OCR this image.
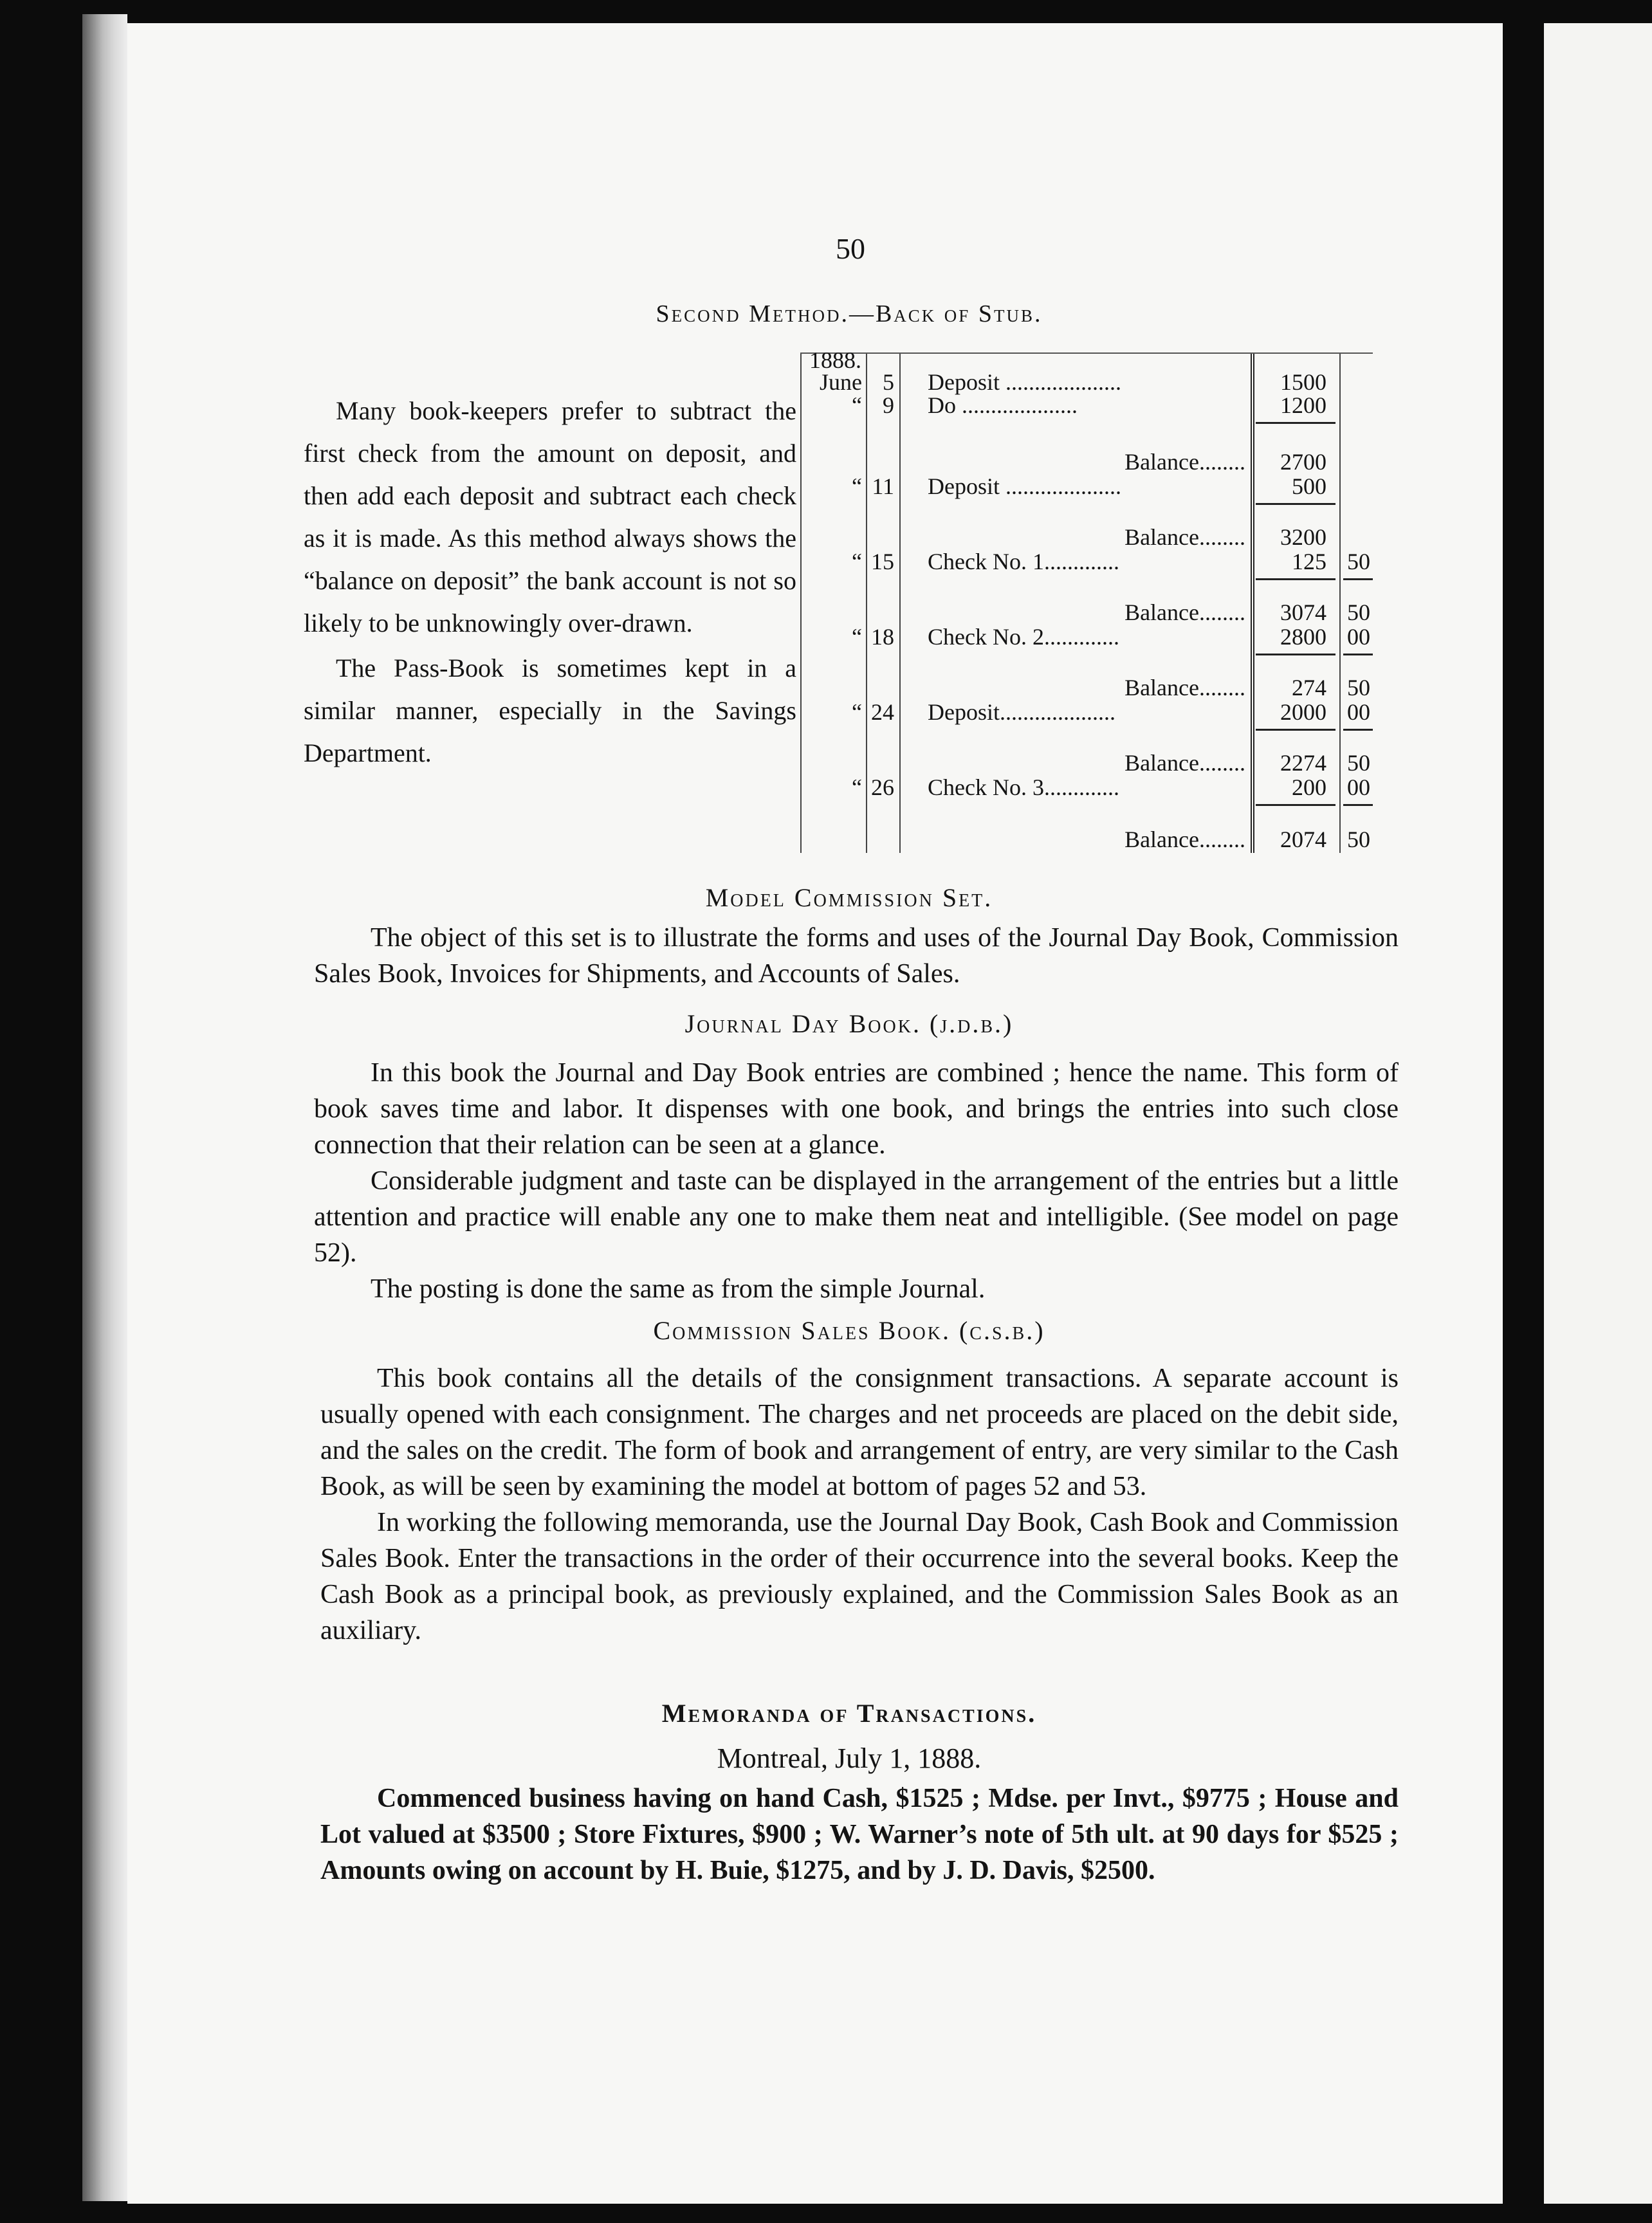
50
Second Method.—Back of Stub.

Many book-keepers prefer to subtract the first check from the amount on deposit, and then add each deposit and subtract each check as it is made. As this method always shows the “balance on deposit” the bank account is not so likely to be unknowingly over-drawn.

The Pass-Book is sometimes kept in a similar manner, especially in the Savings Department.

1888.
June 5 Deposit ....................	1500
“ 9 Do ....................	1200
Balance........	2700
“ 11 Deposit ....................	500
Balance........	3200
“ 15 Check No. 1.............	125 50
Balance........	3074 50
“ 18 Check No. 2.............	2800 00
Balance........	274 50
“ 24 Deposit....................	2000 00
Balance........	2274 50
“ 26 Check No. 3.............	200 00
Balance........	2074 50
Model Commission Set.

The object of this set is to illustrate the forms and uses of the Journal Day Book, Commission Sales Book, Invoices for Shipments, and Accounts of Sales.

Journal Day Book. (j.d.b.)

In this book the Journal and Day Book entries are combined ; hence the name. This form of book saves time and labor. It dispenses with one book, and brings the entries into such close connection that their relation can be seen at a glance.

Considerable judgment and taste can be displayed in the arrangement of the entries but a little attention and practice will enable any one to make them neat and intelligible. (See model on page 52).

The posting is done the same as from the simple Journal.

Commission Sales Book. (c.s.b.)

This book contains all the details of the consignment transactions. A separate account is usually opened with each consignment. The charges and net proceeds are placed on the debit side, and the sales on the credit. The form of book and arrangement of entry, are very similar to the Cash Book, as will be seen by examining the model at bottom of pages 52 and 53.

In working the following memoranda, use the Journal Day Book, Cash Book and Commission Sales Book. Enter the transactions in the order of their occurrence into the several books. Keep the Cash Book as a principal book, as previously explained, and the Commission Sales Book as an auxiliary.

Memoranda of Transactions.
Montreal, July 1, 1888.

Commenced business having on hand Cash, $1525 ; Mdse. per Invt., $9775 ; House and Lot valued at $3500 ; Store Fixtures, $900 ; W. Warner’s note of 5th ult. at 90 days for $525 ; Amounts owing on account by H. Buie, $1275, and by J. D. Davis, $2500.
